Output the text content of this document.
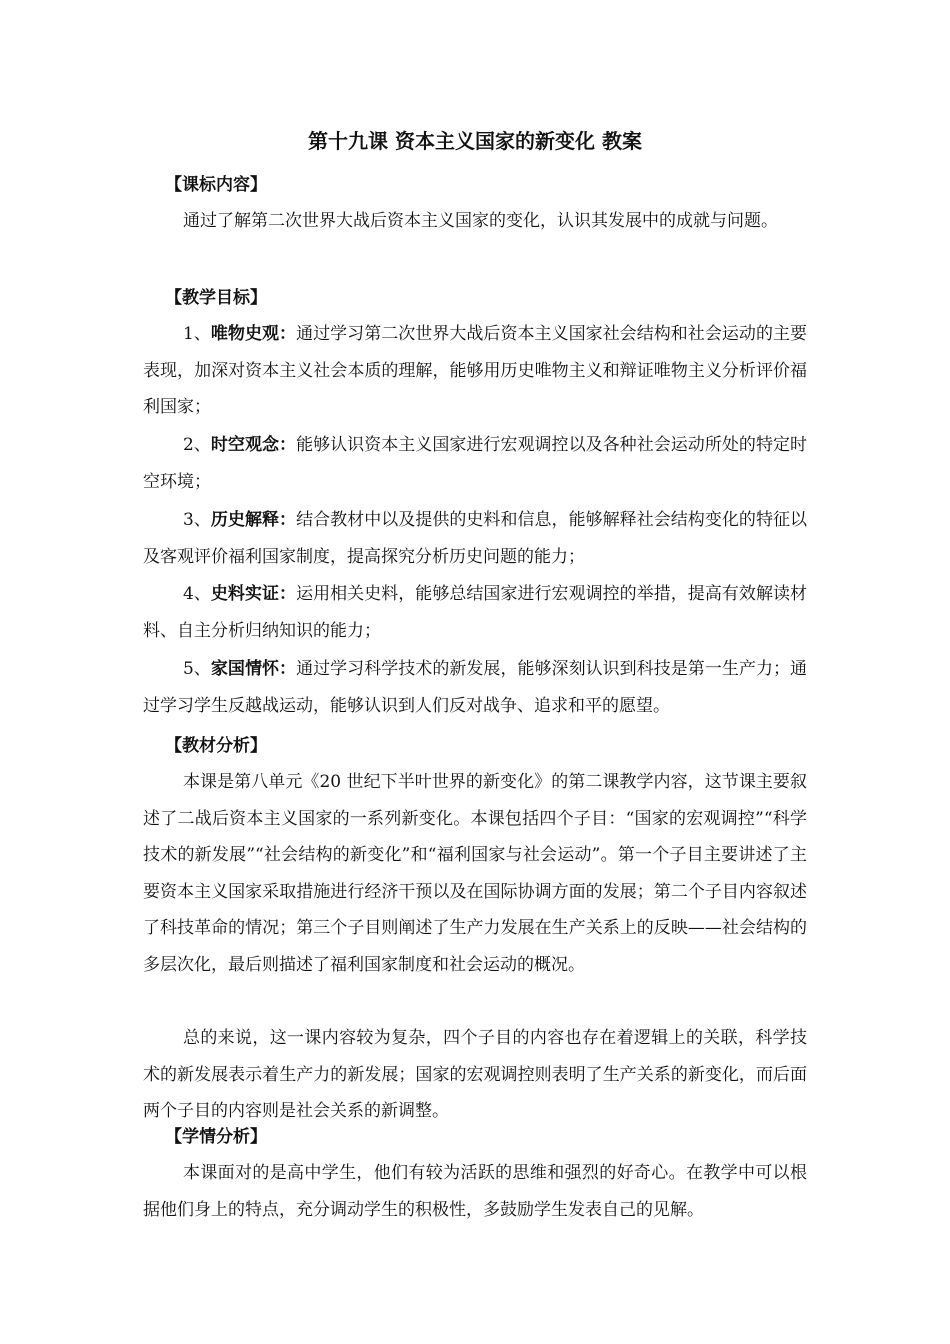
第十九课 资本主义国家的新变化 教案
【课标内容】

通过了解第二次世界大战后资本主义国家的变化，认识其发展中的成就与问题。

【教学目标】

1、唯物史观：通过学习第二次世界大战后资本主义国家社会结构和社会运动的主要表现，加深对资本主义社会本质的理解，能够用历史唯物主义和辩证唯物主义分析评价福利国家；

2、时空观念：能够认识资本主义国家进行宏观调控以及各种社会运动所处的特定时空环境；

3、历史解释：结合教材中以及提供的史料和信息，能够解释社会结构变化的特征以及客观评价福利国家制度，提高探究分析历史问题的能力；

4、史料实证：运用相关史料，能够总结国家进行宏观调控的举措，提高有效解读材料、自主分析归纳知识的能力；

5、家国情怀：通过学习科学技术的新发展，能够深刻认识到科技是第一生产力；通过学习学生反越战运动，能够认识到人们反对战争、追求和平的愿望。

【教材分析】

本课是第八单元《20 世纪下半叶世界的新变化》的第二课教学内容，这节课主要叙述了二战后资本主义国家的一系列新变化。本课包括四个子目：“国家的宏观调控”“科学技术的新发展”“社会结构的新变化”和“福利国家与社会运动”。第一个子目主要讲述了主要资本主义国家采取措施进行经济干预以及在国际协调方面的发展；第二个子目内容叙述了科技革命的情况；第三个子目则阐述了生产力发展在生产关系上的反映——社会结构的多层次化，最后则描述了福利国家制度和社会运动的概况。

总的来说，这一课内容较为复杂，四个子目的内容也存在着逻辑上的关联，科学技术的新发展表示着生产力的新发展；国家的宏观调控则表明了生产关系的新变化，而后面两个子目的内容则是社会关系的新调整。

【学情分析】

本课面对的是高中学生，他们有较为活跃的思维和强烈的好奇心。在教学中可以根据他们身上的特点，充分调动学生的积极性，多鼓励学生发表自己的见解。
